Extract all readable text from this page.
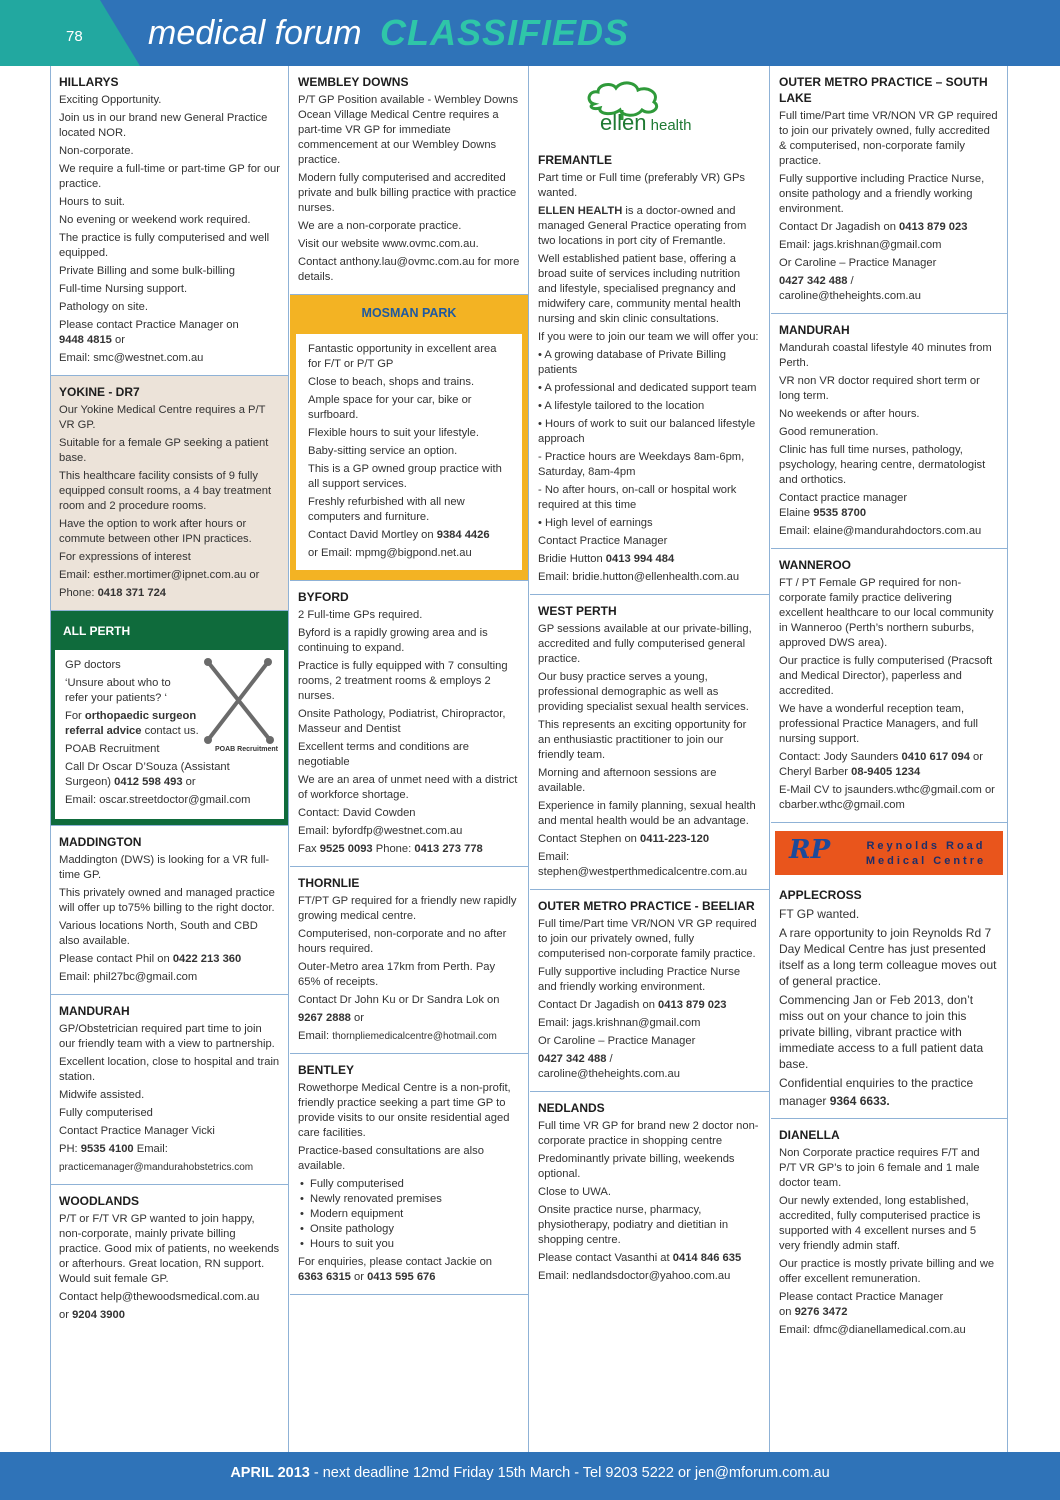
78 medical forum CLASSIFIEDS
HILLARYS

Exciting Opportunity.

Join us in our brand new General Practice located NOR.

Non-corporate.

We require a full-time or part-time GP for our practice.

Hours to suit.

No evening or weekend work required.

The practice is fully computerised and well equipped.

Private Billing and some bulk-billing

Full-time Nursing support.

Pathology on site.

Please contact Practice Manager on
9448 4815 or

Email: smc@westnet.com.au

YOKINE - DR7

Our Yokine Medical Centre requires a P/T VR GP.

Suitable for a female GP seeking a patient base.

This healthcare facility consists of 9 fully equipped consult rooms, a 4 bay treatment room and 2 procedure rooms.

Have the option to work after hours or commute between other IPN practices.

For expressions of interest

Email: esther.mortimer@ipnet.com.au or

Phone: 0418 371 724

ALL PERTH
POAB Recruitment

GP doctors

‘Unsure about who to refer your patients? ‘

For orthopaedic surgeon referral advice contact us.

POAB Recruitment

Call Dr Oscar D’Souza (Assistant Surgeon) 0412 598 493 or

Email: oscar.streetdoctor@gmail.com

MADDINGTON

Maddington (DWS) is looking for a VR full-time GP.

This privately owned and managed practice will offer up to75% billing to the right doctor.

Various locations North, South and CBD also available.

Please contact Phil on 0422 213 360

Email: phil27bc@gmail.com

MANDURAH

GP/Obstetrician required part time to join our friendly team with a view to partnership.

Excellent location, close to hospital and train station.

Midwife assisted.

Fully computerised

Contact Practice Manager Vicki

PH: 9535 4100 Email:

practicemanager@mandurahobstetrics.com

WOODLANDS

P/T or F/T VR GP wanted to join happy, non-corporate, mainly private billing practice. Good mix of patients, no weekends or afterhours. Great location, RN support. Would suit female GP.

Contact help@thewoodsmedical.com.au

or 9204 3900

WEMBLEY DOWNS

P/T GP Position available - Wembley Downs Ocean Village Medical Centre requires a part-time VR GP for immediate commencement at our Wembley Downs practice.

Modern fully computerised and accredited private and bulk billing practice with practice nurses.

We are a non-corporate practice.

Visit our website www.ovmc.com.au.

Contact anthony.lau@ovmc.com.au for more details.

MOSMAN PARK

Fantastic opportunity in excellent area for F/T or P/T GP

Close to beach, shops and trains.

Ample space for your car, bike or surfboard.

Flexible hours to suit your lifestyle.

Baby-sitting service an option.

This is a GP owned group practice with all support services.

Freshly refurbished with all new computers and furniture.

Contact David Mortley on 9384 4426

or Email: mpmg@bigpond.net.au

BYFORD

2 Full-time GPs required.

Byford is a rapidly growing area and is continuing to expand.

Practice is fully equipped with 7 consulting rooms, 2 treatment rooms & employs 2 nurses.

Onsite Pathology, Podiatrist, Chiropractor, Masseur and Dentist

Excellent terms and conditions are negotiable

We are an area of unmet need with a district of workforce shortage.

Contact: David Cowden

Email: byfordfp@westnet.com.au

Fax 9525 0093 Phone: 0413 273 778

THORNLIE

FT/PT GP required for a friendly new rapidly growing medical centre.

Computerised, non-corporate and no after hours required.

Outer-Metro area 17km from Perth. Pay 65% of receipts.

Contact Dr John Ku or Dr Sandra Lok on

9267 2888 or

Email: thornpliemedicalcentre@hotmail.com

BENTLEY

Rowethorpe Medical Centre is a non-profit, friendly practice seeking a part time GP to provide visits to our onsite residential aged care facilities.

Practice-based consultations are also available.

• Fully computerised
• Newly renovated premises
• Modern equipment
• Onsite pathology
• Hours to suit you

For enquiries, please contact Jackie on

6363 6315 or 0413 595 676

ellen health
FREMANTLE

Part time or Full time (preferably VR) GPs wanted.

ELLEN HEALTH is a doctor-owned and managed General Practice operating from two locations in port city of Fremantle.

Well established patient base, offering a broad suite of services including nutrition and lifestyle, specialised pregnancy and midwifery care, community mental health nursing and skin clinic consultations.

If you were to join our team we will offer you:

• A growing database of Private Billing patients

• A professional and dedicated support team

• A lifestyle tailored to the location

• Hours of work to suit our balanced lifestyle approach

- Practice hours are Weekdays 8am-6pm, Saturday, 8am-4pm

- No after hours, on-call or hospital work required at this time

• High level of earnings

Contact Practice Manager

Bridie Hutton 0413 994 484

Email: bridie.hutton@ellenhealth.com.au

WEST PERTH

GP sessions available at our private-billing, accredited and fully computerised general practice.

Our busy practice serves a young, professional demographic as well as providing specialist sexual health services.

This represents an exciting opportunity for an enthusiastic practitioner to join our friendly team.

Morning and afternoon sessions are available.

Experience in family planning, sexual health and mental health would be an advantage.

Contact Stephen on 0411-223-120

Email: stephen@westperthmedicalcentre.com.au

OUTER METRO PRACTICE - BEELIAR

Full time/Part time VR/NON VR GP required to join our privately owned, fully computerised non-corporate family practice.

Fully supportive including Practice Nurse and friendly working environment.

Contact Dr Jagadish on 0413 879 023

Email: jags.krishnan@gmail.com

Or Caroline – Practice Manager

0427 342 488 /
caroline@theheights.com.au

NEDLANDS

Full time VR GP for brand new 2 doctor non-corporate practice in shopping centre

Predominantly private billing, weekends optional.

Close to UWA.

Onsite practice nurse, pharmacy, physiotherapy, podiatry and dietitian in shopping centre.

Please contact Vasanthi at 0414 846 635

Email: nedlandsdoctor@yahoo.com.au

OUTER METRO PRACTICE – SOUTH LAKE

Full time/Part time VR/NON VR GP required to join our privately owned, fully accredited & computerised, non-corporate family practice.

Fully supportive including Practice Nurse, onsite pathology and a friendly working environment.

Contact Dr Jagadish on 0413 879 023

Email: jags.krishnan@gmail.com

Or Caroline – Practice Manager

0427 342 488 /
caroline@theheights.com.au

MANDURAH

Mandurah coastal lifestyle 40 minutes from Perth.

VR non VR doctor required short term or long term.

No weekends or after hours.

Good remuneration.

Clinic has full time nurses, pathology, psychology, hearing centre, dermatologist and orthotics.

Contact practice manager

Elaine 9535 8700

Email: elaine@mandurahdoctors.com.au

WANNEROO

FT / PT Female GP required for non-corporate family practice delivering excellent healthcare to our local community in Wanneroo (Perth’s northern suburbs, approved DWS area).

Our practice is fully computerised (Pracsoft and Medical Director), paperless and accredited.

We have a wonderful reception team, professional Practice Managers, and full nursing support.

Contact: Jody Saunders 0410 617 094 or
Cheryl Barber 08-9405 1234

E-Mail CV to jsaunders.wthc@gmail.com or cbarber.wthc@gmail.com

RP	Reynolds Road
Medical Centre
APPLECROSS

FT GP wanted.

A rare opportunity to join Reynolds Rd 7 Day Medical Centre has just presented itself as a long term colleague moves out of general practice.

Commencing Jan or Feb 2013, don’t miss out on your chance to join this private billing, vibrant practice with immediate access to a full patient data base.

Confidential enquiries to the practice

manager 9364 6633.

DIANELLA

Non Corporate practice requires F/T and P/T VR GP’s to join 6 female and 1 male doctor team.

Our newly extended, long established, accredited, fully computerised practice is supported with 4 excellent nurses and 5 very friendly admin staff.

Our practice is mostly private billing and we offer excellent remuneration.

Please contact Practice Manager

on 9276 3472

Email: dfmc@dianellamedical.com.au

APRIL 2013 - next deadline 12md Friday 15th March - Tel 9203 5222 or jen@mforum.com.au
